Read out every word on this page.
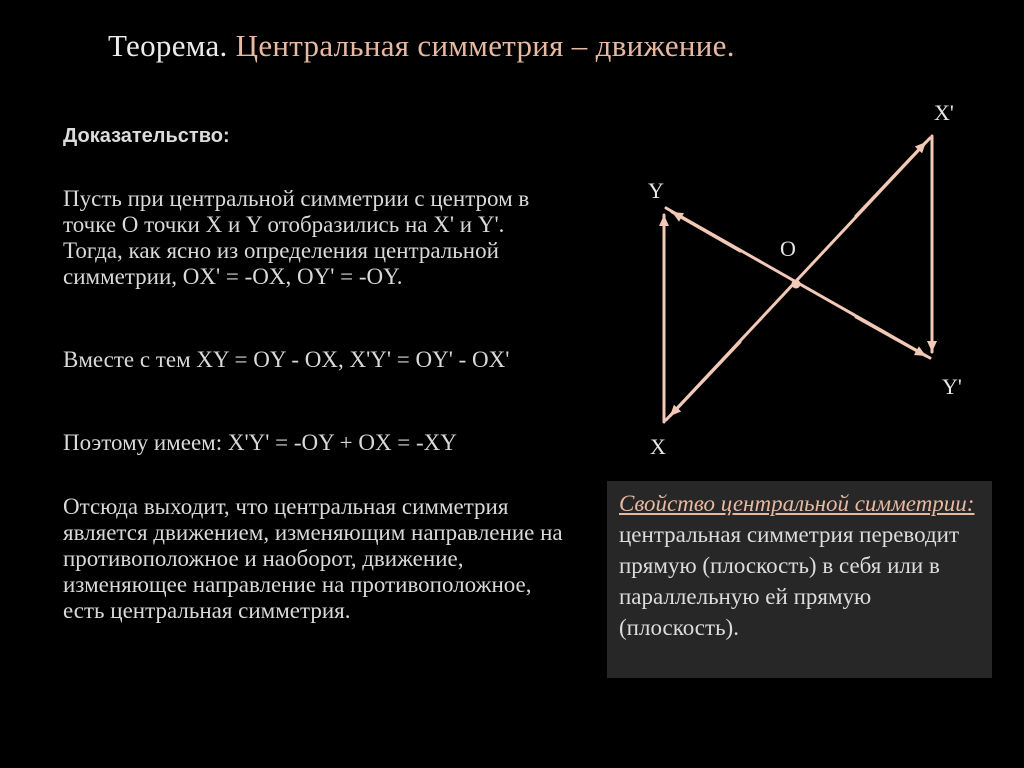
Теорема. Центральная симметрия – движение.
Доказательство:
Пусть при центральной симметрии с центром в точке O точки X и Y отобразились на X' и Y'. Тогда, как ясно из определения центральной симметрии, OX' = -OX, OY' = -OY.
Вместе с тем XY = OY - OX, X'Y' = OY' - OX'
Поэтому имеем: X'Y' = -OY + OX = -XY
Отсюда выходит, что центральная симметрия является движением, изменяющим направление на противоположное и наоборот, движение, изменяющее направление на противоположное, есть центральная симметрия.
X'
Y
O
Y'
X
Свойство центральной симметрии: центральная симметрия переводит прямую (плоскость) в себя или в параллельную ей прямую (плоскость).
